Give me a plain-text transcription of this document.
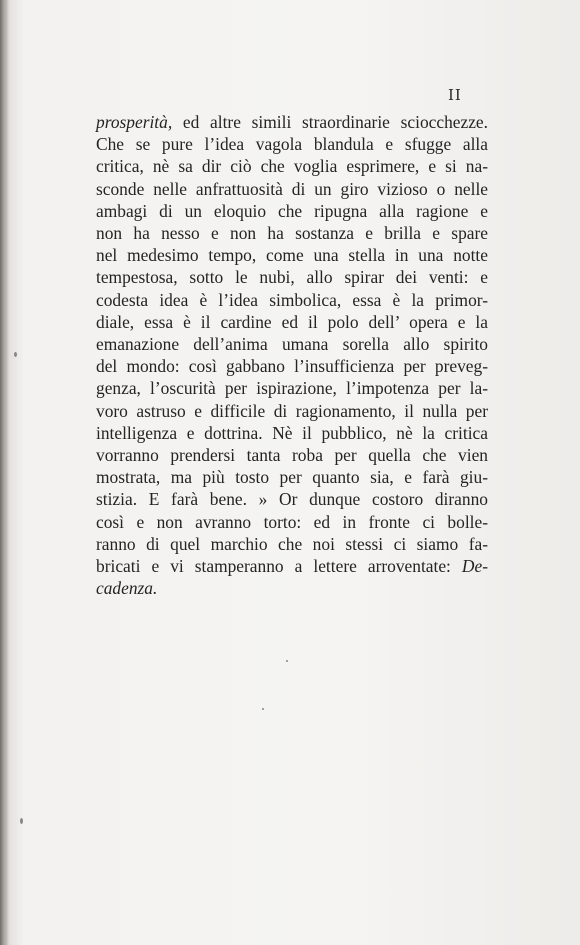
II
prosperità, ed altre simili straordinarie sciocchezze.
Che se pure l’idea vagola blandula e sfugge alla
critica, nè sa dir ciò che voglia esprimere, e si na-
sconde nelle anfrattuosità di un giro vizioso o nelle
ambagi di un eloquio che ripugna alla ragione e
non ha nesso e non ha sostanza e brilla e spare
nel medesimo tempo, come una stella in una notte
tempestosa, sotto le nubi, allo spirar dei venti: e
codesta idea è l’idea simbolica, essa è la primor-
diale, essa è il cardine ed il polo dell’ opera e la
emanazione dell’anima umana sorella allo spirito
del mondo: così gabbano l’insufficienza per preveg-
genza, l’oscurità per ispirazione, l’impotenza per la-
voro astruso e difficile di ragionamento, il nulla per
intelligenza e dottrina. Nè il pubblico, nè la critica
vorranno prendersi tanta roba per quella che vien
mostrata, ma più tosto per quanto sia, e farà giu-
stizia. E farà bene. » Or dunque costoro diranno
così e non avranno torto: ed in fronte ci bolle-
ranno di quel marchio che noi stessi ci siamo fa-
bricati e vi stamperanno a lettere arroventate: De-
cadenza.
